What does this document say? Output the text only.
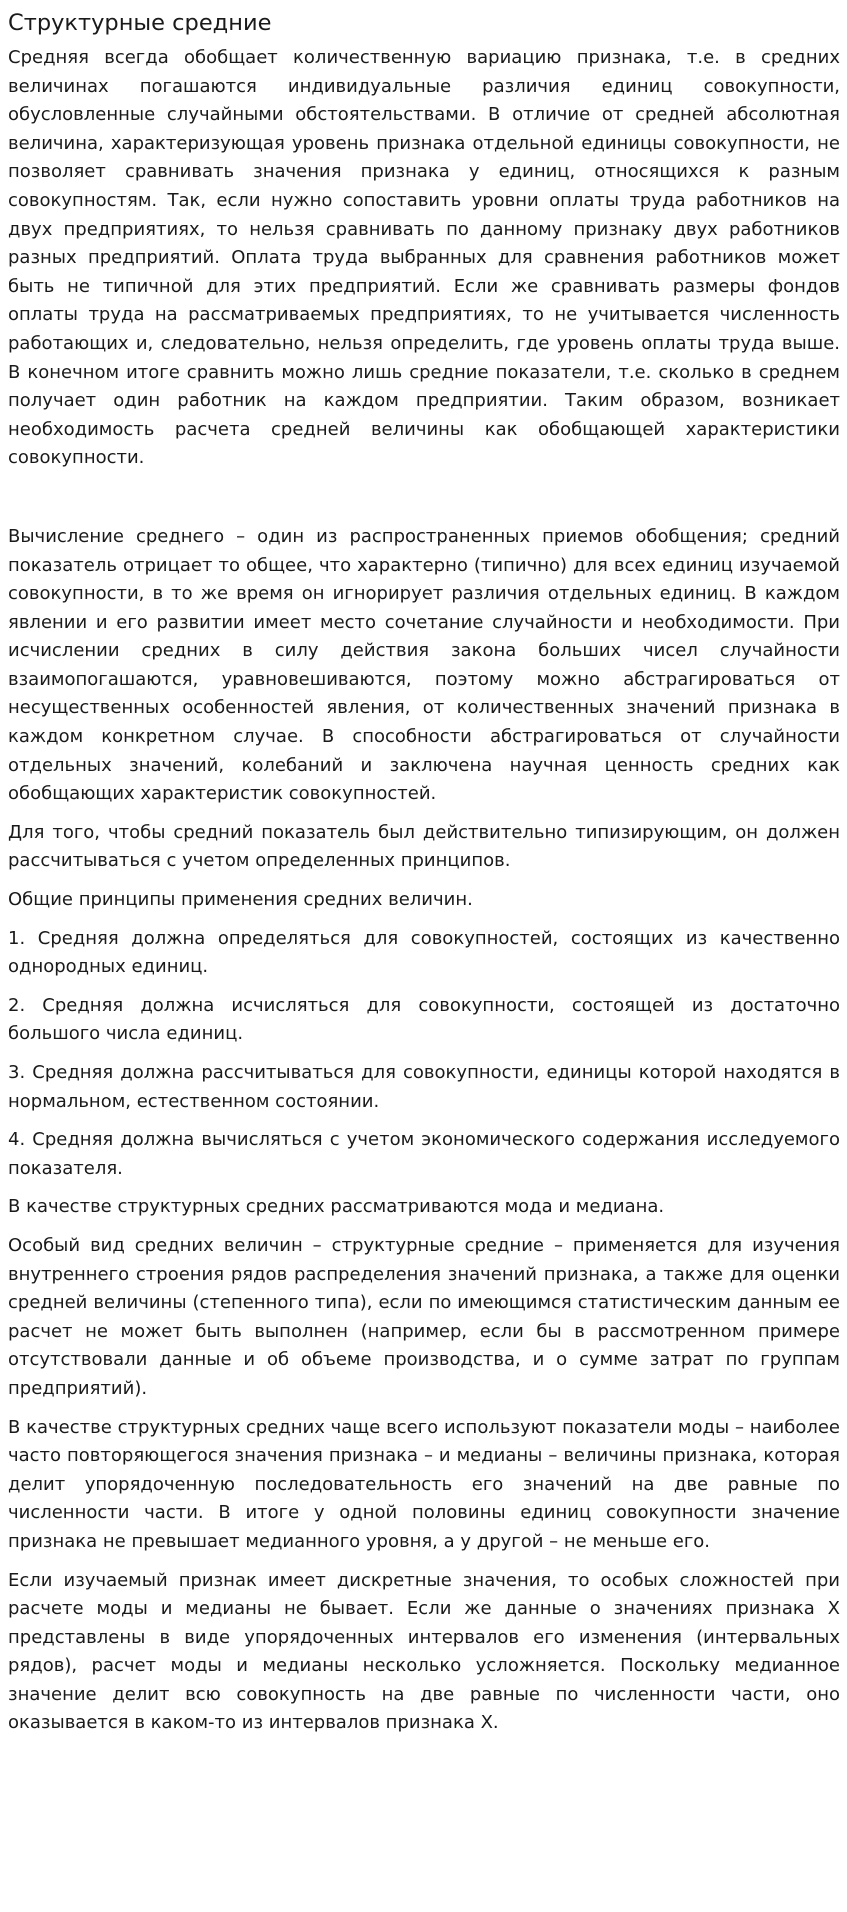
Структурные средние

Средняя всегда обобщает количественную вариацию признака, т.е. в средних величинах погашаются индивидуальные различия единиц совокупности, обусловленные случайными обстоятельствами. В отличие от средней абсолютная величина, характеризующая уровень признака отдельной единицы совокупности, не позволяет сравнивать значения признака у единиц, относящихся к разным совокупностям. Так, если нужно сопоставить уровни оплаты труда работников на двух предприятиях, то нельзя сравнивать по данному признаку двух работников разных предприятий. Оплата труда выбранных для сравнения работников может быть не типичной для этих предприятий. Если же сравнивать размеры фондов оплаты труда на рассматриваемых предприятиях, то не учитывается численность работающих и, следовательно, нельзя определить, где уровень оплаты труда выше. В конечном итоге сравнить можно лишь средние показатели, т.е. сколько в среднем получает один работник на каждом предприятии. Таким образом, возникает необходимость расчета средней величины как обобщающей характеристики совокупности.

Вычисление среднего – один из распространенных приемов обобщения; средний показатель отрицает то общее, что характерно (типично) для всех единиц изучаемой совокупности, в то же время он игнорирует различия отдельных единиц. В каждом явлении и его развитии имеет место сочетание случайности и необходимости. При исчислении средних в силу действия закона больших чисел случайности взаимопогашаются, уравновешиваются, поэтому можно абстрагироваться от несущественных особенностей явления, от количественных значений признака в каждом конкретном случае. В способности абстрагироваться от случайности отдельных значений, колебаний и заключена научная ценность средних как обобщающих характеристик совокупностей.

Для того, чтобы средний показатель был действительно типизирующим, он должен рассчитываться с учетом определенных принципов.

Общие принципы применения средних величин.

1. Средняя должна определяться для совокупностей, состоящих из качественно однородных единиц.

2. Средняя должна исчисляться для совокупности, состоящей из достаточно большого числа единиц.

3. Средняя должна рассчитываться для совокупности, единицы которой находятся в нормальном, естественном состоянии.

4. Средняя должна вычисляться с учетом экономического содержания исследуемого показателя.

В качестве структурных средних рассматриваются мода и медиана.

Особый вид средних величин – структурные средние – применяется для изучения внутреннего строения рядов распределения значений признака, а также для оценки средней величины (степенного типа), если по имеющимся статистическим данным ее расчет не может быть выполнен (например, если бы в рассмотренном примере отсутствовали данные и об объеме производства, и о сумме затрат по группам предприятий).

В качестве структурных средних чаще всего используют показатели моды – наиболее часто повторяющегося значения признака – и медианы – величины признака, которая делит упорядоченную последовательность его значений на две равные по численности части. В итоге у одной половины единиц совокупности значение признака не превышает медианного уровня, а у другой – не меньше его.

Если изучаемый признак имеет дискретные значения, то особых сложностей при расчете моды и медианы не бывает. Если же данные о значениях признака X представлены в виде упорядоченных интервалов его изменения (интервальных рядов), расчет моды и медианы несколько усложняется. Поскольку медианное значение делит всю совокупность на две равные по численности части, оно оказывается в каком-то из интервалов признака X.
